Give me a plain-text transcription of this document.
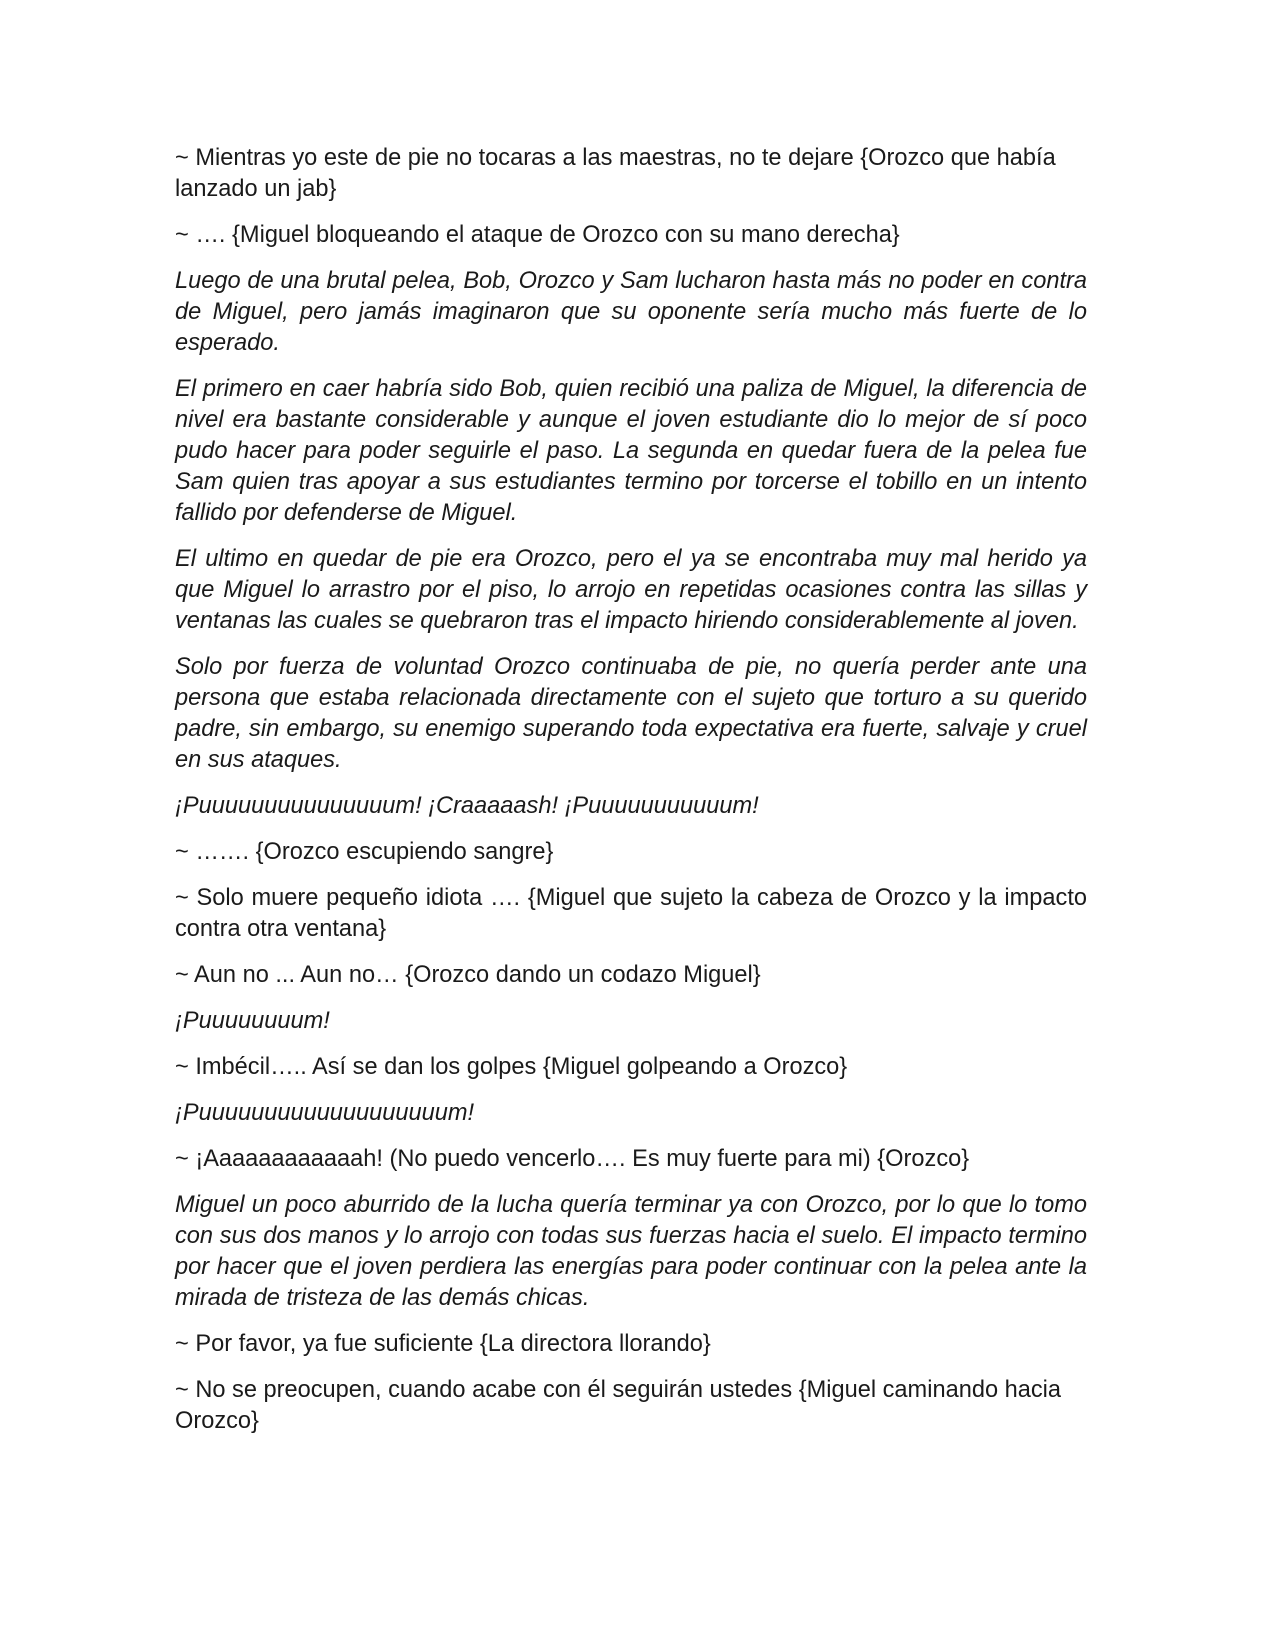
~ Mientras yo este de pie no tocaras a las maestras, no te dejare {Orozco que había lanzado un jab}

~ …. {Miguel bloqueando el ataque de Orozco con su mano derecha}

Luego de una brutal pelea, Bob, Orozco y Sam lucharon hasta más no poder en contra de Miguel, pero jamás imaginaron que su oponente sería mucho más fuerte de lo esperado.

El primero en caer habría sido Bob, quien recibió una paliza de Miguel, la diferencia de nivel era bastante considerable y aunque el joven estudiante dio lo mejor de sí poco pudo hacer para poder seguirle el paso. La segunda en quedar fuera de la pelea fue Sam quien tras apoyar a sus estudiantes termino por torcerse el tobillo en un intento fallido por defenderse de Miguel.

El ultimo en quedar de pie era Orozco, pero el ya se encontraba muy mal herido ya que Miguel lo arrastro por el piso, lo arrojo en repetidas ocasiones contra las sillas y ventanas las cuales se quebraron tras el impacto hiriendo considerablemente al joven.

Solo por fuerza de voluntad Orozco continuaba de pie, no quería perder ante una persona que estaba relacionada directamente con el sujeto que torturo a su querido padre, sin embargo, su enemigo superando toda expectativa era fuerte, salvaje y cruel en sus ataques.

¡Puuuuuuuuuuuuuuum! ¡Craaaaash! ¡Puuuuuuuuuuum!

~ ……. {Orozco escupiendo sangre}

~ Solo muere pequeño idiota …. {Miguel que sujeto la cabeza de Orozco y la impacto contra otra ventana}

~ Aun no ... Aun no… {Orozco dando un codazo Miguel}

¡Puuuuuuuum!

~ Imbécil….. Así se dan los golpes {Miguel golpeando a Orozco}

¡Puuuuuuuuuuuuuuuuuuum!

~ ¡Aaaaaaaaaaaah! (No puedo vencerlo…. Es muy fuerte para mi) {Orozco}

Miguel un poco aburrido de la lucha quería terminar ya con Orozco, por lo que lo tomo con sus dos manos y lo arrojo con todas sus fuerzas hacia el suelo. El impacto termino por hacer que el joven perdiera las energías para poder continuar con la pelea ante la mirada de tristeza de las demás chicas.

~ Por favor, ya fue suficiente {La directora llorando}

~ No se preocupen, cuando acabe con él seguirán ustedes {Miguel caminando hacia Orozco}
